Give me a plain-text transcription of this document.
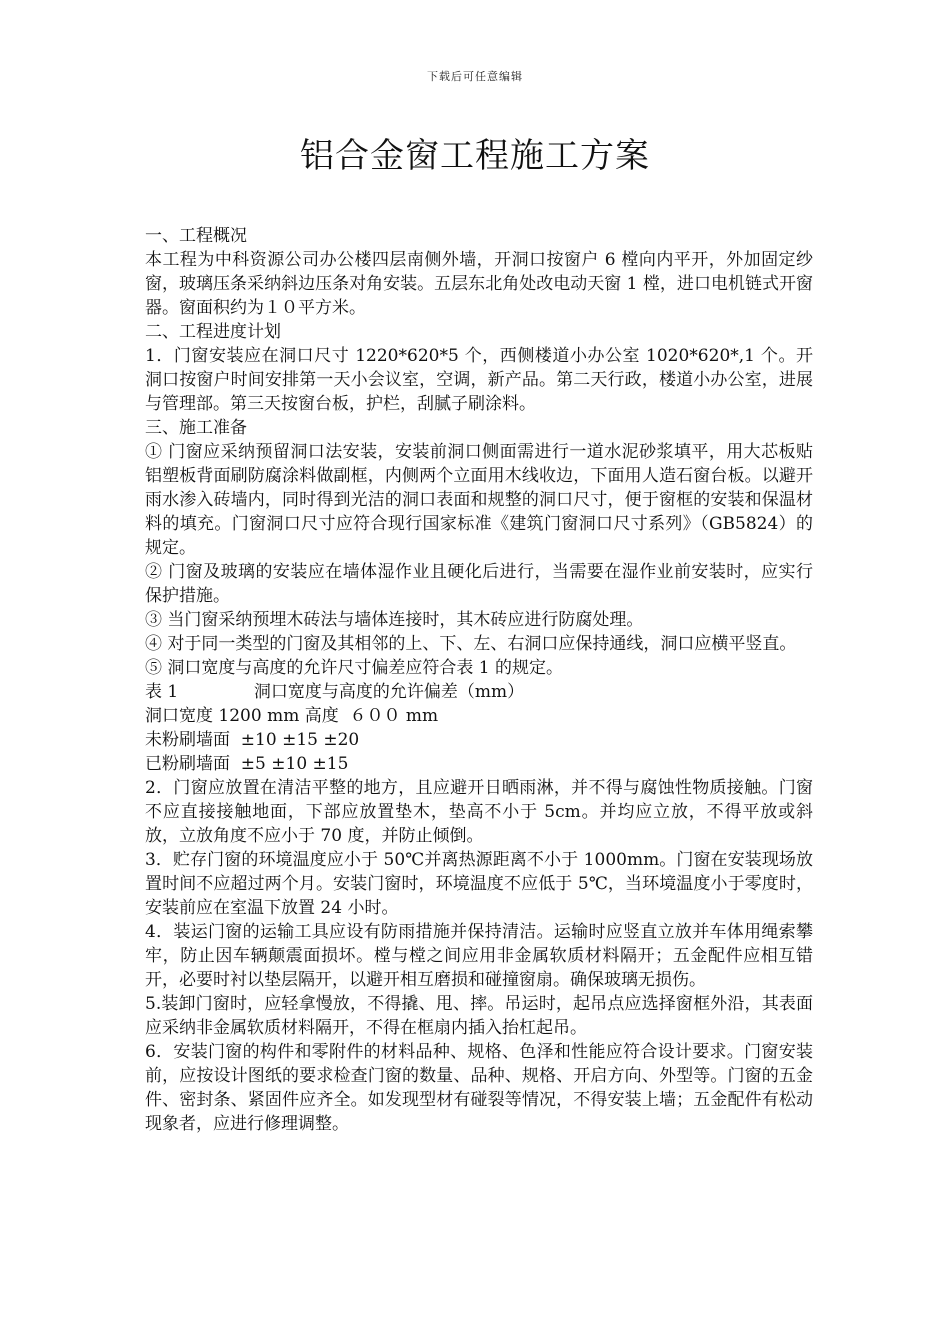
下载后可任意编辑
铝合金窗工程施工方案

一、工程概况

本工程为中科资源公司办公楼四层南侧外墙，开洞口按窗户 6 樘向内平开，外加固定纱窗，玻璃压条采纳斜边压条对角安装。五层东北角处改电动天窗 1 樘，进口电机链式开窗器。窗面积约为１０平方米。

二、工程进度计划

1．门窗安装应在洞口尺寸 1220*620*5 个，西侧楼道小办公室 1020*620*,1 个。开洞口按窗户时间安排第一天小会议室，空调，新产品。第二天行政，楼道小办公室，进展与管理部。第三天按窗台板，护栏，刮腻子刷涂料。

三、施工准备

① 门窗应采纳预留洞口法安装，安装前洞口侧面需进行一道水泥砂浆填平，用大芯板贴铝塑板背面刷防腐涂料做副框，内侧两个立面用木线收边，下面用人造石窗台板。以避开雨水渗入砖墙内，同时得到光洁的洞口表面和规整的洞口尺寸，便于窗框的安装和保温材料的填充。门窗洞口尺寸应符合现行国家标准《建筑门窗洞口尺寸系列》（GB5824）的规定。

② 门窗及玻璃的安装应在墙体湿作业且硬化后进行，当需要在湿作业前安装时，应实行保护措施。

③ 当门窗采纳预埋木砖法与墙体连接时，其木砖应进行防腐处理。

④ 对于同一类型的门窗及其相邻的上、下、左、右洞口应保持通线，洞口应横平竖直。

⑤ 洞口宽度与高度的允许尺寸偏差应符合表 1 的规定。

表 1              洞口宽度与高度的允许偏差（mm）

洞口宽度 1200 mm 高度  ６００ mm

未粉刷墙面  ±10 ±15 ±20

已粉刷墙面  ±5 ±10 ±15

2．门窗应放置在清洁平整的地方，且应避开日晒雨淋，并不得与腐蚀性物质接触。门窗不应直接接触地面，下部应放置垫木，垫高不小于 5cm。并均应立放，不得平放或斜放，立放角度不应小于 70 度，并防止倾倒。

3．贮存门窗的环境温度应小于 50℃并离热源距离不小于 1000mm。门窗在安装现场放置时间不应超过两个月。安装门窗时，环境温度不应低于 5℃，当环境温度小于零度时，安装前应在室温下放置 24 小时。

4．装运门窗的运输工具应设有防雨措施并保持清洁。运输时应竖直立放并车体用绳索攀牢，防止因车辆颠震面损坏。樘与樘之间应用非金属软质材料隔开；五金配件应相互错开，必要时衬以垫层隔开，以避开相互磨损和碰撞窗扇。确保玻璃无损伤。

5.装卸门窗时，应轻拿慢放，不得撬、甩、摔。吊运时，起吊点应选择窗框外沿，其表面应采纳非金属软质材料隔开，不得在框扇内插入抬杠起吊。

6．安装门窗的构件和零附件的材料品种、规格、色泽和性能应符合设计要求。门窗安装前，应按设计图纸的要求检查门窗的数量、品种、规格、开启方向、外型等。门窗的五金件、密封条、紧固件应齐全。如发现型材有碰裂等情况，不得安装上墙；五金配件有松动现象者，应进行修理调整。
